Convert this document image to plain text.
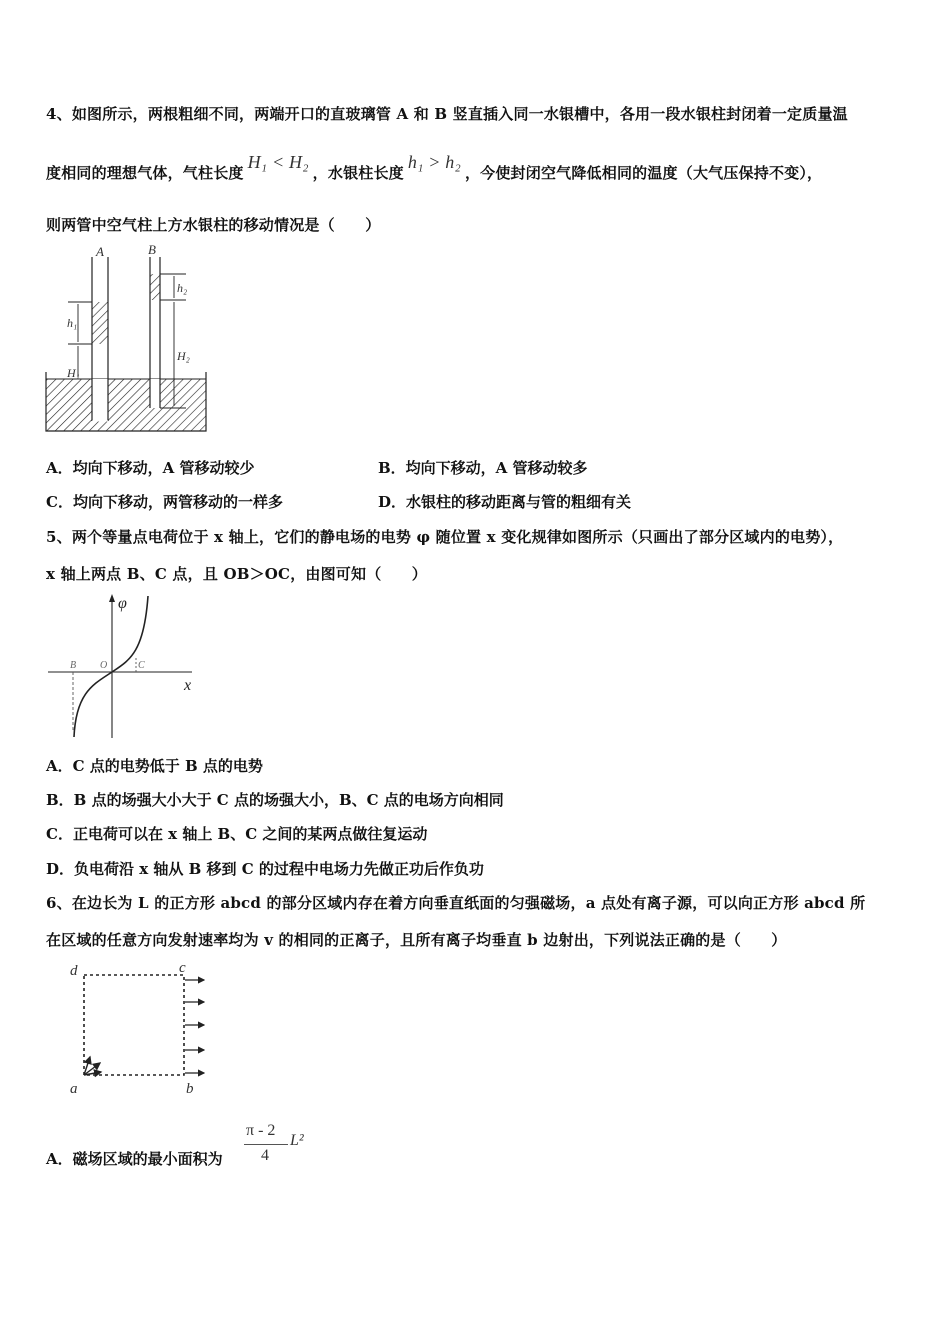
4、如图所示，两根粗细不同，两端开口的直玻璃管 A 和 B 竖直插入同一水银槽中，各用一段水银柱封闭着一定质量温
度相同的理想气体，气柱长度H₁ < H₂，水银柱长度h₁ > h₂，今使封闭空气降低相同的温度（大气压保持不变），
则两管中空气柱上方水银柱的移动情况是（　　）
A	B
h₁
H₁
h₂
H₂
A．均向下移动，A 管移动较少	B．均向下移动，A 管移动较多
C．均向下移动，两管移动的一样多	D．水银柱的移动距离与管的粗细有关
5、两个等量点电荷位于 x 轴上，它们的静电场的电势 φ 随位置 x 变化规律如图所示（只画出了部分区域内的电势），
x 轴上两点 B、C 点，且 OB＞OC，由图可知（　　）
φ
x
B O	C
A．C 点的电势低于 B 点的电势
B．B 点的场强大小大于 C 点的场强大小，B、C 点的电场方向相同
C．正电荷可以在 x 轴上 B、C 之间的某两点做往复运动
D．负电荷沿 x 轴从 B 移到 C 的过程中电场力先做正功后作负功
6、在边长为 L 的正方形 abcd 的部分区域内存在着方向垂直纸面的匀强磁场，a 点处有离子源，可以向正方形 abcd 所
在区域的任意方向发射速率均为 v 的相同的正离子，且所有离子均垂直 b 边射出，下列说法正确的是（　　）
d	c
a	b
A．磁场区域的最小面积为
π - 2
4
L²
